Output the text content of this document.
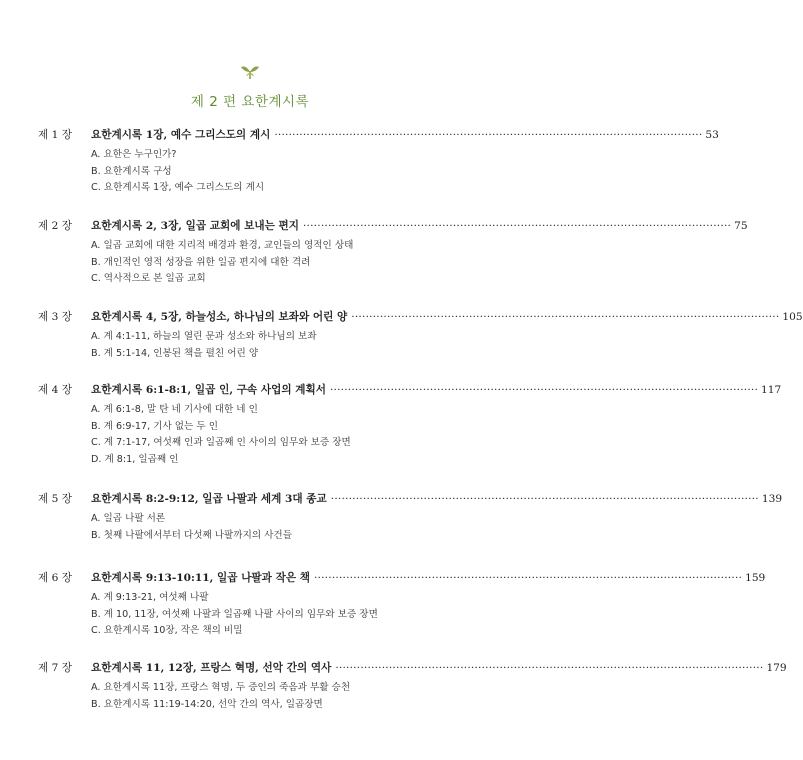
제 2 편 요한계시록
제 1 장	요한계시록 1장, 예수 그리스도의 계시 ························································································································ 53
A. 요한은 누구인가?
B. 요한계시록 구성
C. 요한계시록 1장, 예수 그리스도의 계시
제 2 장	요한계시록 2, 3장, 일곱 교회에 보내는 편지 ························································································································ 75
A. 일곱 교회에 대한 지리적 배경과 환경, 교인들의 영적인 상태
B. 개인적인 영적 성장을 위한 일곱 편지에 대한 격려
C. 역사적으로 본 일곱 교회
제 3 장	요한계시록 4, 5장, 하늘성소, 하나님의 보좌와 어린 양 ························································································································ 105
A. 계 4:1-11, 하늘의 열린 문과 성소와 하나님의 보좌
B. 계 5:1-14, 인봉된 책을 펼친 어린 양
제 4 장	요한계시록 6:1-8:1, 일곱 인, 구속 사업의 계획서 ························································································································ 117
A. 계 6:1-8, 말 탄 네 기사에 대한 네 인
B. 계 6:9-17, 기사 없는 두 인
C. 계 7:1-17, 여섯째 인과 일곱째 인 사이의 임무와 보증 장면
D. 계 8:1, 일곱째 인
제 5 장	요한계시록 8:2-9:12, 일곱 나팔과 세계 3대 종교 ························································································································ 139
A. 일곱 나팔 서론
B. 첫째 나팔에서부터 다섯째 나팔까지의 사건들
제 6 장	요한계시록 9:13-10:11, 일곱 나팔과 작은 책 ························································································································ 159
A. 계 9:13-21, 여섯째 나팔
B. 계 10, 11장, 여섯째 나팔과 일곱째 나팔 사이의 임무와 보증 장면
C. 요한계시록 10장, 작은 책의 비밀
제 7 장	요한계시록 11, 12장, 프랑스 혁명, 선악 간의 역사 ························································································································ 179
A. 요한계시록 11장, 프랑스 혁명, 두 증인의 죽음과 부활 승천
B. 요한계시록 11:19-14:20, 선악 간의 역사, 일곱장면
